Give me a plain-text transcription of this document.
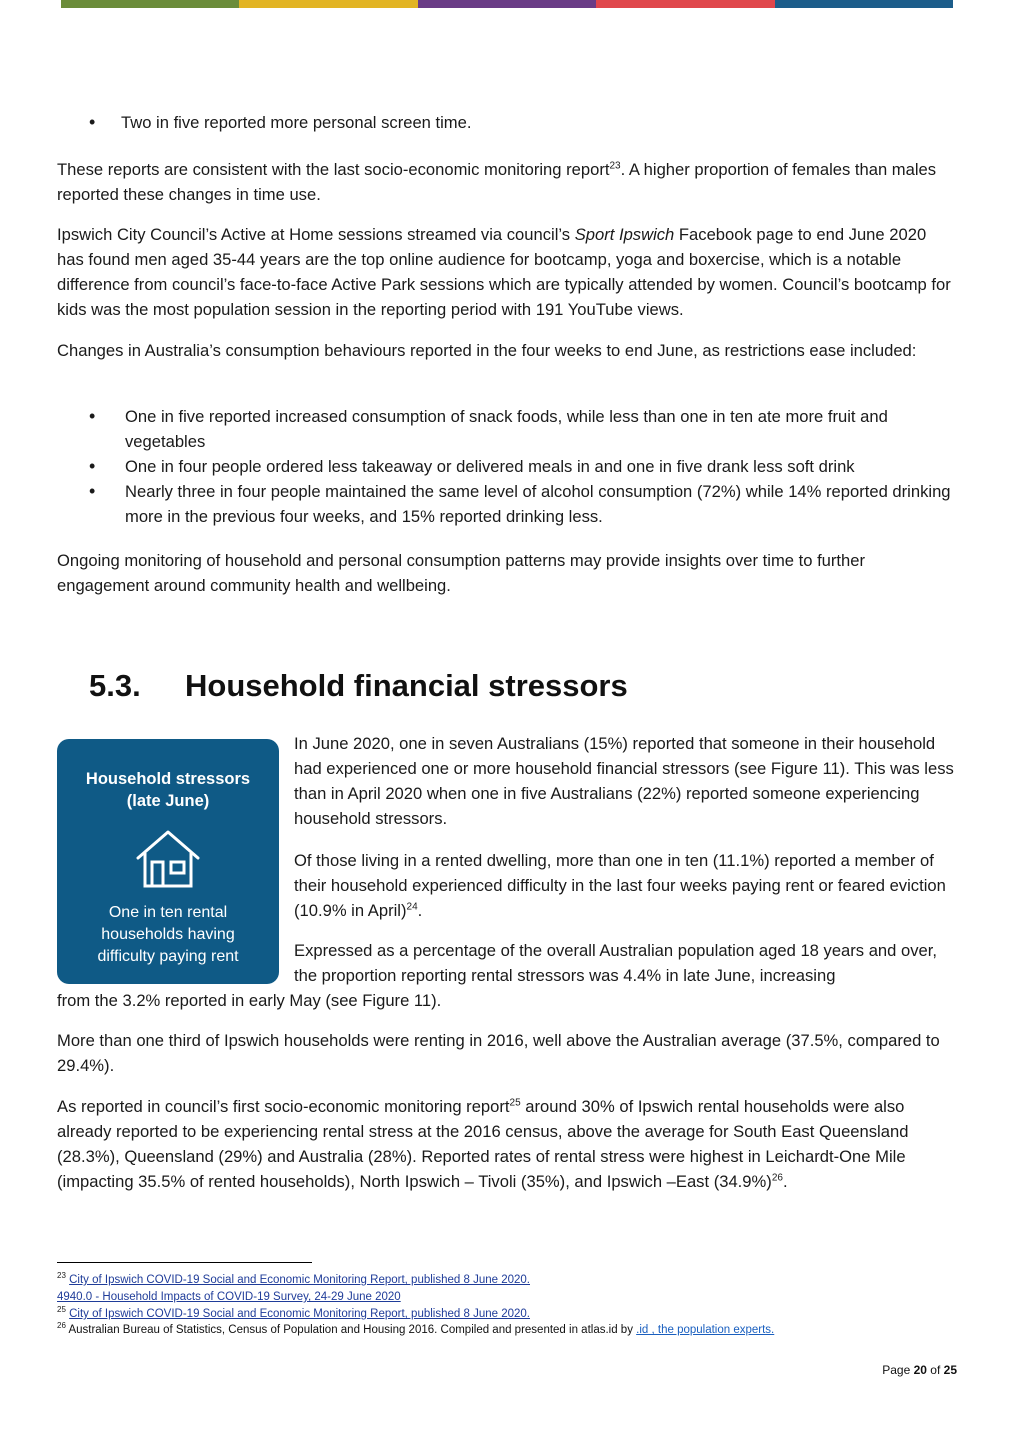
• Two in five reported more personal screen time.

These reports are consistent with the last socio-economic monitoring report$^{23}$. A higher proportion of females than males reported these changes in time use.

Ipswich City Council’s Active at Home sessions streamed via council’s Sport Ipswich Facebook page to end June 2020 has found men aged 35-44 years are the top online audience for bootcamp, yoga and boxercise, which is a notable difference from council’s face-to-face Active Park sessions which are typically attended by women. Council’s bootcamp for kids was the most population session in the reporting period with 191 YouTube views.

Changes in Australia’s consumption behaviours reported in the four weeks to end June, as restrictions ease included:

• One in five reported increased consumption of snack foods, while less than one in ten ate more fruit and vegetables
• One in four people ordered less takeaway or delivered meals in and one in five drank less soft drink
• Nearly three in four people maintained the same level of alcohol consumption (72%) while 14% reported drinking more in the previous four weeks, and 15% reported drinking less.

Ongoing monitoring of household and personal consumption patterns may provide insights over time to further engagement around community health and wellbeing.

5.3. Household financial stressors
Household stressors
(late June)
One in ten rental
households having
difficulty paying rent

In June 2020, one in seven Australians (15%) reported that someone in their household had experienced one or more household financial stressors (see Figure 11). This was less than in April 2020 when one in five Australians (22%) reported someone experiencing household stressors.

Of those living in a rented dwelling, more than one in ten (11.1%) reported a member of their household experienced difficulty in the last four weeks paying rent or feared eviction (10.9% in April)$^{24}$.

Expressed as a percentage of the overall Australian population aged 18 years and over, the proportion reporting rental stressors was 4.4% in late June, increasing

from the 3.2% reported in early May (see Figure 11).

More than one third of Ipswich households were renting in 2016, well above the Australian average (37.5%, compared to 29.4%).

As reported in council’s first socio-economic monitoring report$^{25}$ around 30% of Ipswich rental households were also already reported to be experiencing rental stress at the 2016 census, above the average for South East Queensland (28.3%), Queensland (29%) and Australia (28%). Reported rates of rental stress were highest in Leichardt-One Mile (impacting 35.5% of rented households), North Ipswich – Tivoli (35%), and Ipswich –East $(34.9\%)^{26}$.

$^{23}$ City of Ipswich COVID-19 Social and Economic Monitoring Report, published 8 June 2020.
4940.0 - Household Impacts of COVID-19 Survey, 24-29 June 2020
$^{25}$ City of Ipswich COVID-19 Social and Economic Monitoring Report, published 8 June 2020.
$^{26}$ Australian Bureau of Statistics, Census of Population and Housing 2016. Compiled and presented in atlas.id by .id , the population experts.
Page 20 of 25
